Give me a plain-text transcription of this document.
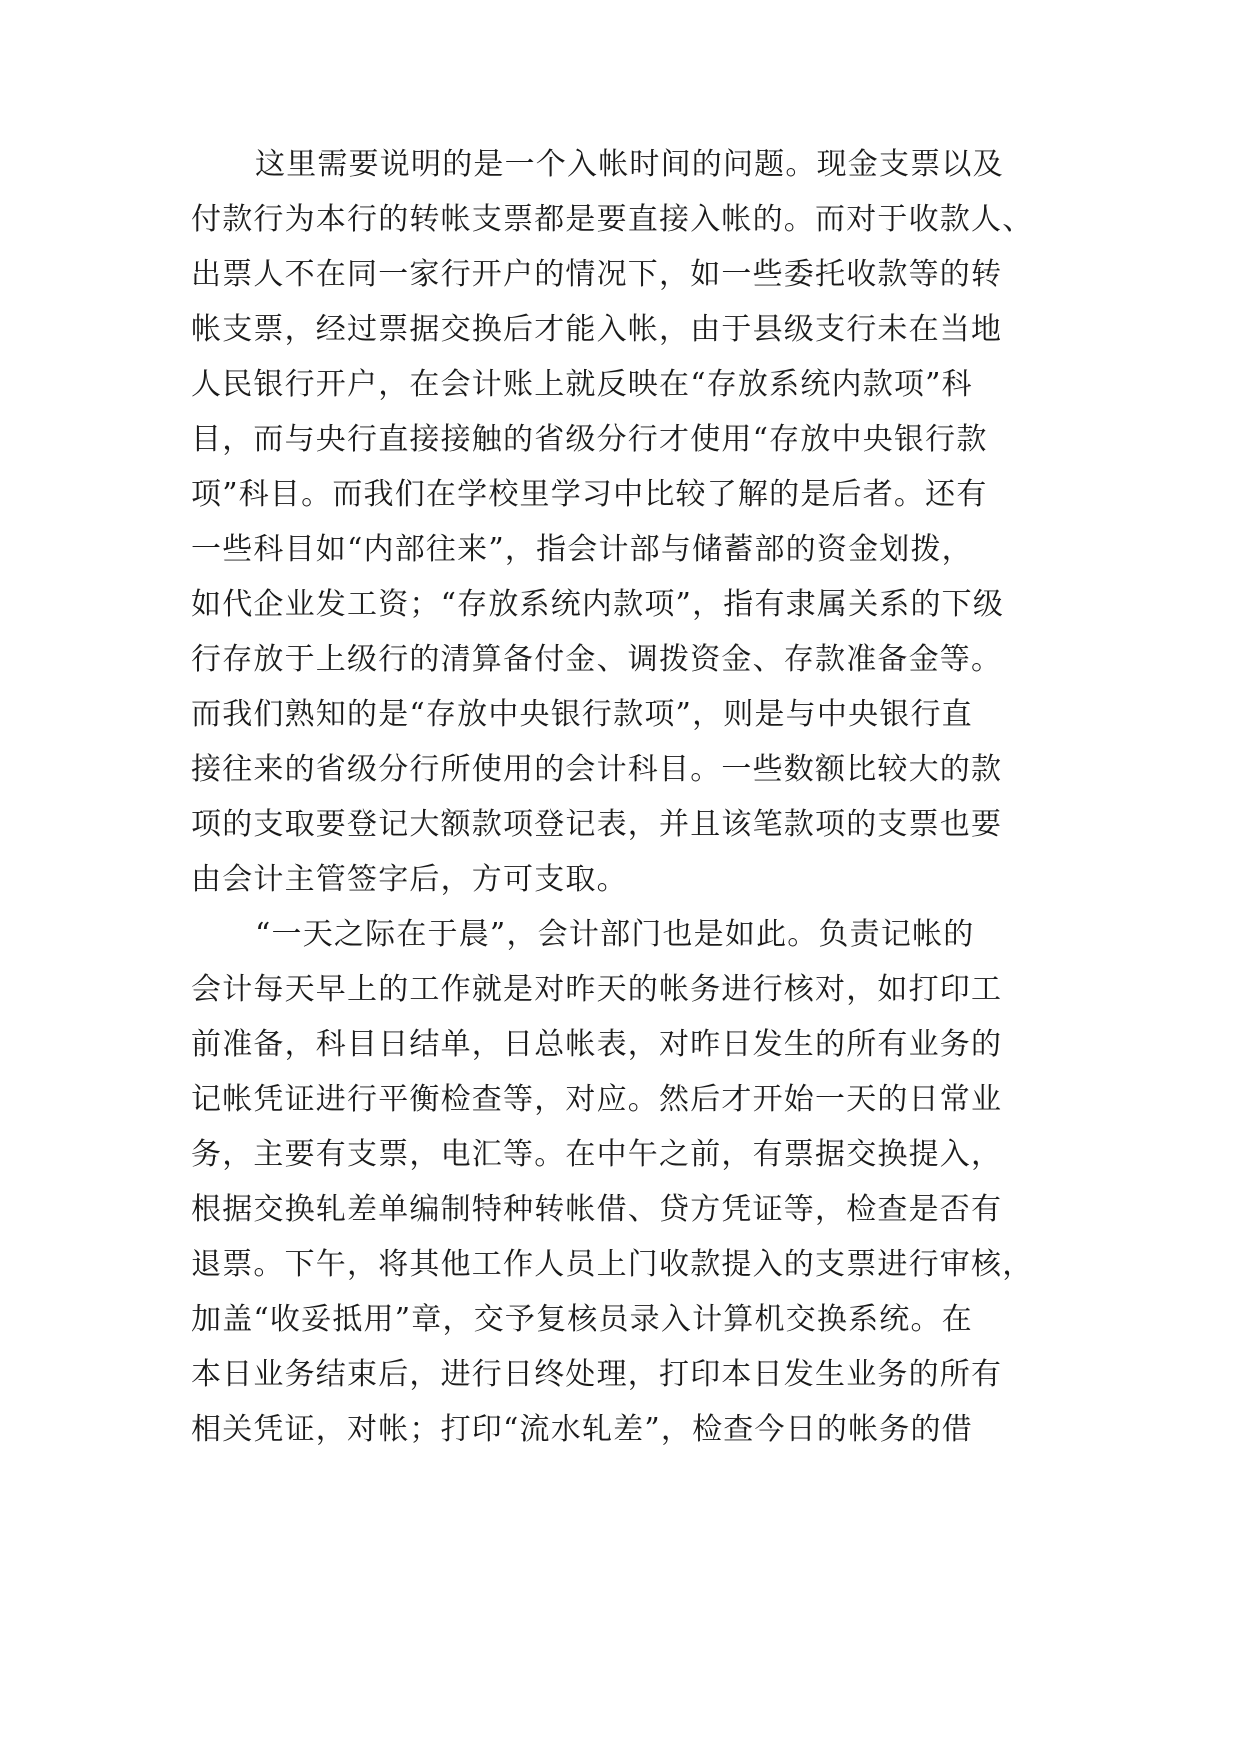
这里需要说明的是一个入帐时间的问题。现金支票以及
付款行为本行的转帐支票都是要直接入帐的。而对于收款人、
出票人不在同一家行开户的情况下，如一些委托收款等的转
帐支票，经过票据交换后才能入帐，由于县级支行未在当地
人民银行开户，在会计账上就反映在“存放系统内款项”科
目，而与央行直接接触的省级分行才使用“存放中央银行款
项”科目。而我们在学校里学习中比较了解的是后者。还有
一些科目如“内部往来”，指会计部与储蓄部的资金划拨，
如代企业发工资；“存放系统内款项”，指有隶属关系的下级
行存放于上级行的清算备付金、调拨资金、存款准备金等。
而我们熟知的是“存放中央银行款项”，则是与中央银行直
接往来的省级分行所使用的会计科目。一些数额比较大的款
项的支取要登记大额款项登记表，并且该笔款项的支票也要
由会计主管签字后，方可支取。
“一天之际在于晨”，会计部门也是如此。负责记帐的
会计每天早上的工作就是对昨天的帐务进行核对，如打印工
前准备，科目日结单，日总帐表，对昨日发生的所有业务的
记帐凭证进行平衡检查等，对应。然后才开始一天的日常业
务，主要有支票，电汇等。在中午之前，有票据交换提入，
根据交换轧差单编制特种转帐借、贷方凭证等，检查是否有
退票。下午，将其他工作人员上门收款提入的支票进行审核，
加盖“收妥抵用”章，交予复核员录入计算机交换系统。在
本日业务结束后，进行日终处理，打印本日发生业务的所有
相关凭证，对帐；打印“流水轧差”，检查今日的帐务的借
